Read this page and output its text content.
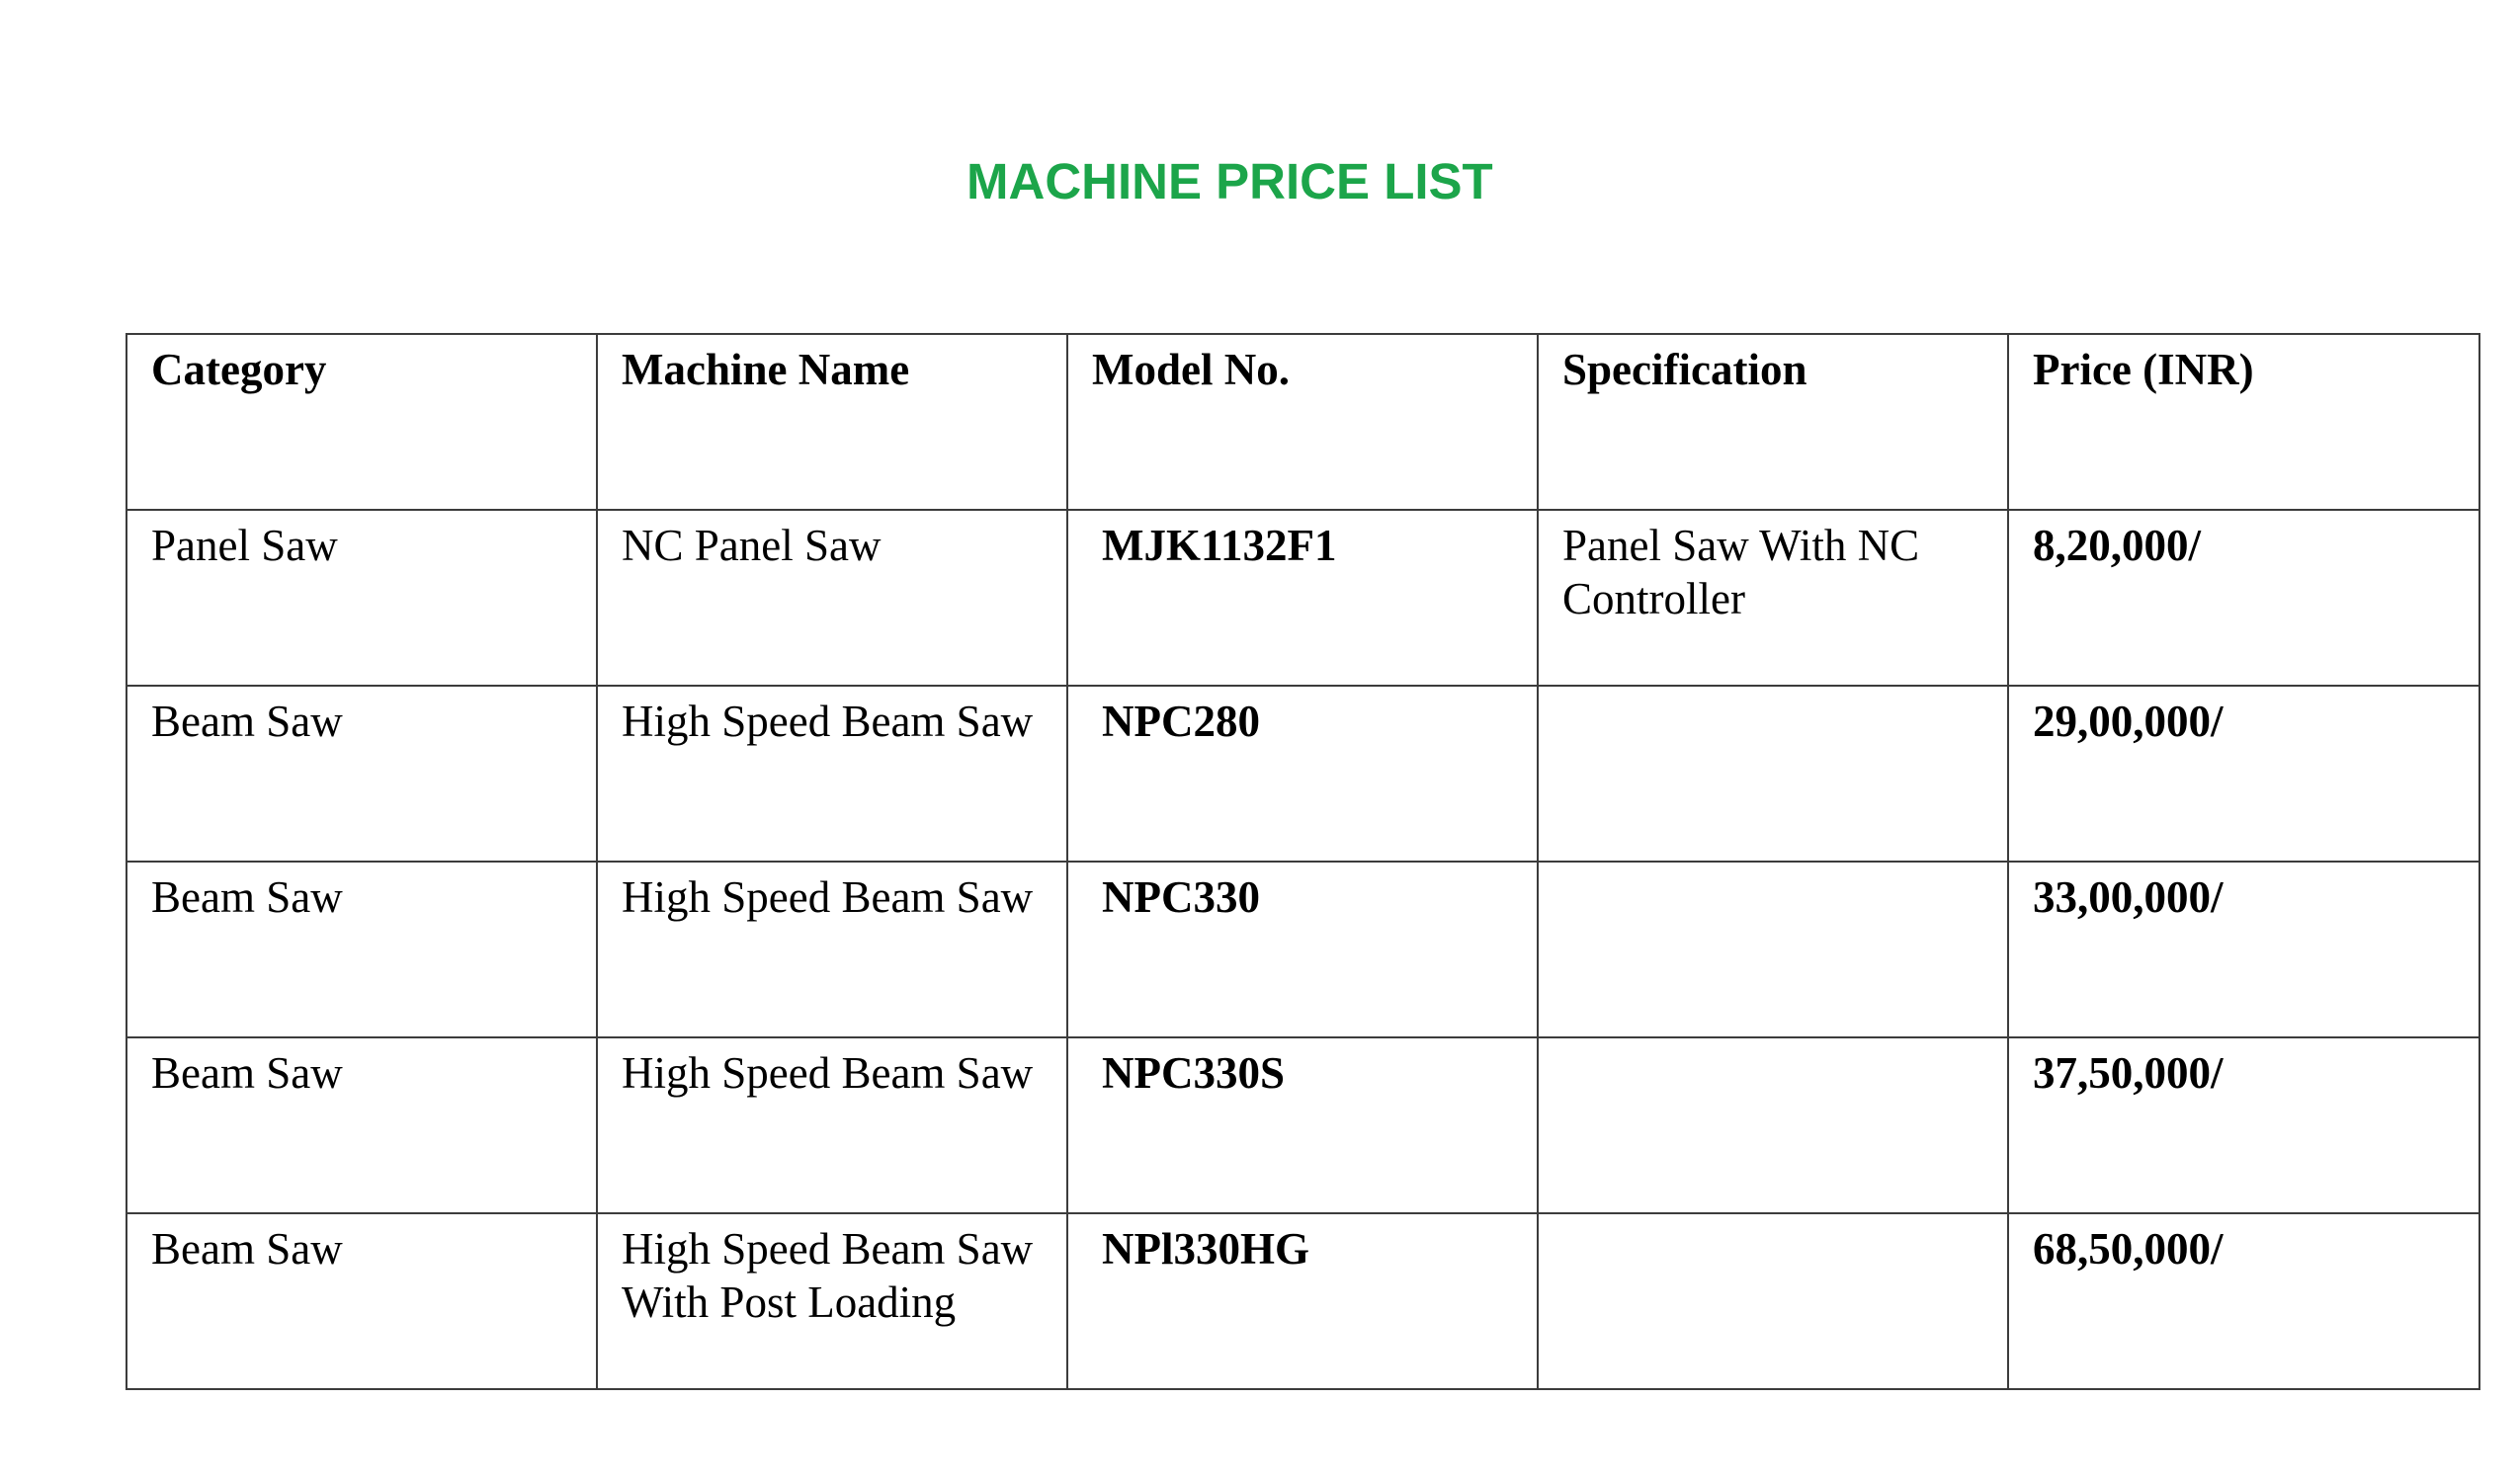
MACHINE PRICE LIST
Category	Machine Name	Model No.	Specification	Price (INR)
Panel Saw	NC Panel Saw	MJK1132F1	Panel Saw With NC Controller	8,20,000/
Beam Saw	High Speed Beam Saw	NPC280		29,00,000/
Beam Saw	High Speed Beam Saw	NPC330		33,00,000/
Beam Saw	High Speed Beam Saw	NPC330S		37,50,000/
Beam Saw	High Speed Beam Saw With Post Loading	NPl330HG		68,50,000/
